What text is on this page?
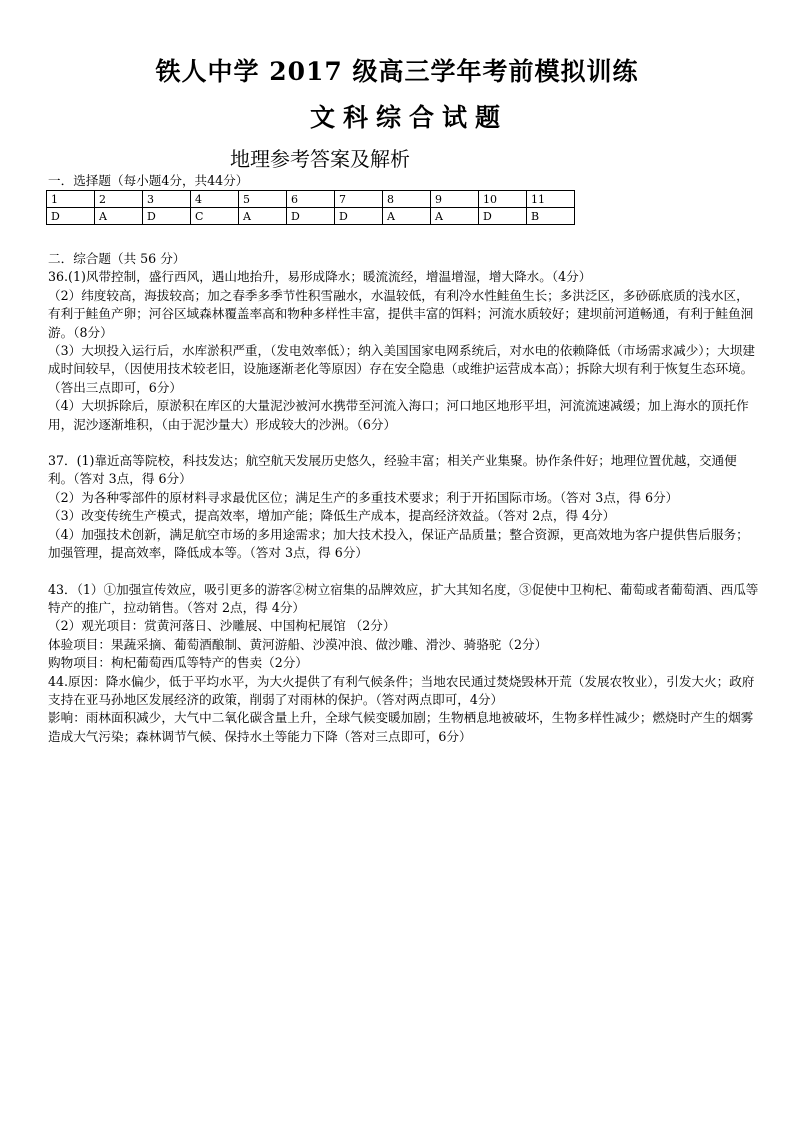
铁人中学 2017 级高三学年考前模拟训练
文科综合试题
地理参考答案及解析
一．选择题（每小题4分，共44分）
1	2	3	4	5	6	7	8	9	10	11
D	A	D	C	A	D	D	A	A	D	B

二．综合题（共 56 分）

36.(1)风带控制，盛行西风，遇山地抬升，易形成降水；暖流流经，增温增湿，增大降水。（4分）

（2）纬度较高，海拔较高；加之春季多季节性积雪融水，水温较低，有利冷水性鲑鱼生长；多洪泛区，多砂砾底质的浅水区，有利于鲑鱼产卵；河谷区域森林覆盖率高和物种多样性丰富，提供丰富的饵料；河流水质较好；建坝前河道畅通，有利于鲑鱼洄游。（8分）

（3）大坝投入运行后，水库淤积严重，（发电效率低）；纳入美国国家电网系统后，对水电的依赖降低（市场需求减少）；大坝建成时间较早，（因使用技术较老旧，设施逐渐老化等原因）存在安全隐患（或维护运营成本高）；拆除大坝有利于恢复生态环境。（答出三点即可，6分）

（4）大坝拆除后，原淤积在库区的大量泥沙被河水携带至河流入海口；河口地区地形平坦，河流流速减缓；加上海水的顶托作用，泥沙逐渐堆积，（由于泥沙量大）形成较大的沙洲。（6分）

37．(1)靠近高等院校，科技发达；航空航天发展历史悠久，经验丰富；相关产业集聚。协作条件好；地理位置优越，交通便利。（答对 3点，得 6分）

（2）为各种零部件的原材料寻求最优区位；满足生产的多重技术要求；利于开拓国际市场。（答对 3点，得 6分）

（3）改变传统生产模式，提高效率，增加产能；降低生产成本，提高经济效益。（答对 2点，得 4分）

（4）加强技术创新，满足航空市场的多用途需求；加大技术投入，保证产品质量；整合资源，更高效地为客户提供售后服务；加强管理，提高效率，降低成本等。（答对 3点，得 6分）

43．（1）①加强宣传效应，吸引更多的游客②树立宿集的品牌效应，扩大其知名度，③促使中卫枸杞、葡萄或者葡萄酒、西瓜等特产的推广，拉动销售。（答对 2点，得 4分）

（2）观光项目：赏黄河落日、沙雕展、中国枸杞展馆 （2分）

体验项目：果蔬采摘、葡萄酒酿制、黄河游船、沙漠冲浪、做沙雕、滑沙、骑骆驼（2分）

购物项目：枸杞葡萄西瓜等特产的售卖（2分）

44.原因：降水偏少，低于平均水平，为大火提供了有利气候条件；当地农民通过焚烧毁林开荒（发展农牧业），引发大火；政府支持在亚马孙地区发展经济的政策，削弱了对雨林的保护。（答对两点即可，4分）

影响：雨林面积减少，大气中二氧化碳含量上升，全球气候变暖加剧；生物栖息地被破坏，生物多样性减少；燃烧时产生的烟雾造成大气污染；森林调节气候、保持水土等能力下降（答对三点即可，6分）
